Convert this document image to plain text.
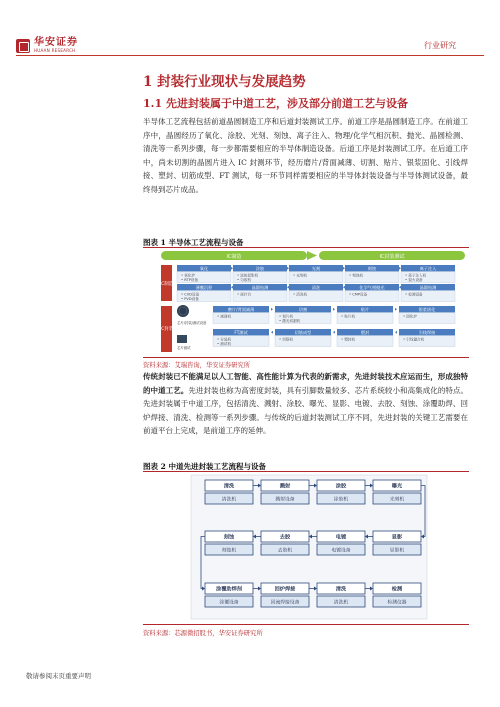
华安证券
HUAAN RESEARCH
行业研究
1 封装行业现状与发展趋势
1.1 先进封装属于中道工艺，涉及部分前道工艺与设备
半导体工艺流程包括前道晶圆制造工序和后道封装测试工序。前道工序是晶圆制造工序。在前道工序中，晶圆经历了氧化、涂胶、光刻、刻蚀、离子注入、物理/化学气相沉积、抛光、晶圆检测、清洗等一系列步骤，每一步都需要相应的半导体制造设备。后道工序是封装测试工序。在后道工序中，尚未切割的晶圆片进入 IC 封测环节，经历磨片/背面减薄、切割、贴片、银浆固化、引线焊接、塑封、切筋成型、FT 测试，每一环节同样需要相应的半导体封装设备与半导体测试设备，最终得到芯片成品。
图表 1 半导体工艺流程与设备
IC制造	IC封装测试
IC制造
IC封装
芯片/封装/测试设备
芯片测试
氧化
• 氧化炉
• RTP设备
涂胶
• 涂胶显影机
• 匀胶机
光刻
• 光刻机
刻蚀
• 刻蚀机
离子注入
• 离子注入机
• 退火设备
薄膜沉积
• CVD设备
• PVD设备
晶圆检测
• 探针台
清洗
• 清洗机
化学气相抛光
• CMP设备
晶圆检测
• 检测设备
磨片/背面减薄
• 减薄机
切割
• 划片机
• 激光切割机
贴片
• 贴片机
银浆固化
• 固化炉
FT测试
• 分选机
• 测试机
切筋成型
• 切筋机
塑封
• 塑封机
引线焊接
• 引线键合机
资料来源：艾瑞咨询，华安证券研究所
传统封装已不能满足以人工智能、高性能计算为代表的新需求，先进封装技术应运而生，形成独特的中道工艺。先进封装也称为高密度封装，具有引脚数量较多、芯片系统较小和高集成化的特点。先进封装属于中道工序，包括清洗、溅射、涂胶、曝光、显影、电镀、去胶、刻蚀、涂覆助焊、回炉焊接、清洗、检测等一系列步骤。与传统的后道封装测试工序不同，先进封装的关键工艺需要在前道平台上完成，是前道工序的延伸。
图表 2 中道先进封装工艺流程与设备
清洗
清洗机
溅射
溅射设备
涂胶
涂胶机
曝光
光刻机
刻蚀
刻蚀机
去胶
去胶机
电镀
电镀设备
显影
显影机
涂覆助焊剂
涂覆设备
回炉焊接
回流焊接设备
清洗
清洗机
检测
检测仪器
资料来源：芯源微招股书，华安证券研究所
敬请参阅末页重要声明
